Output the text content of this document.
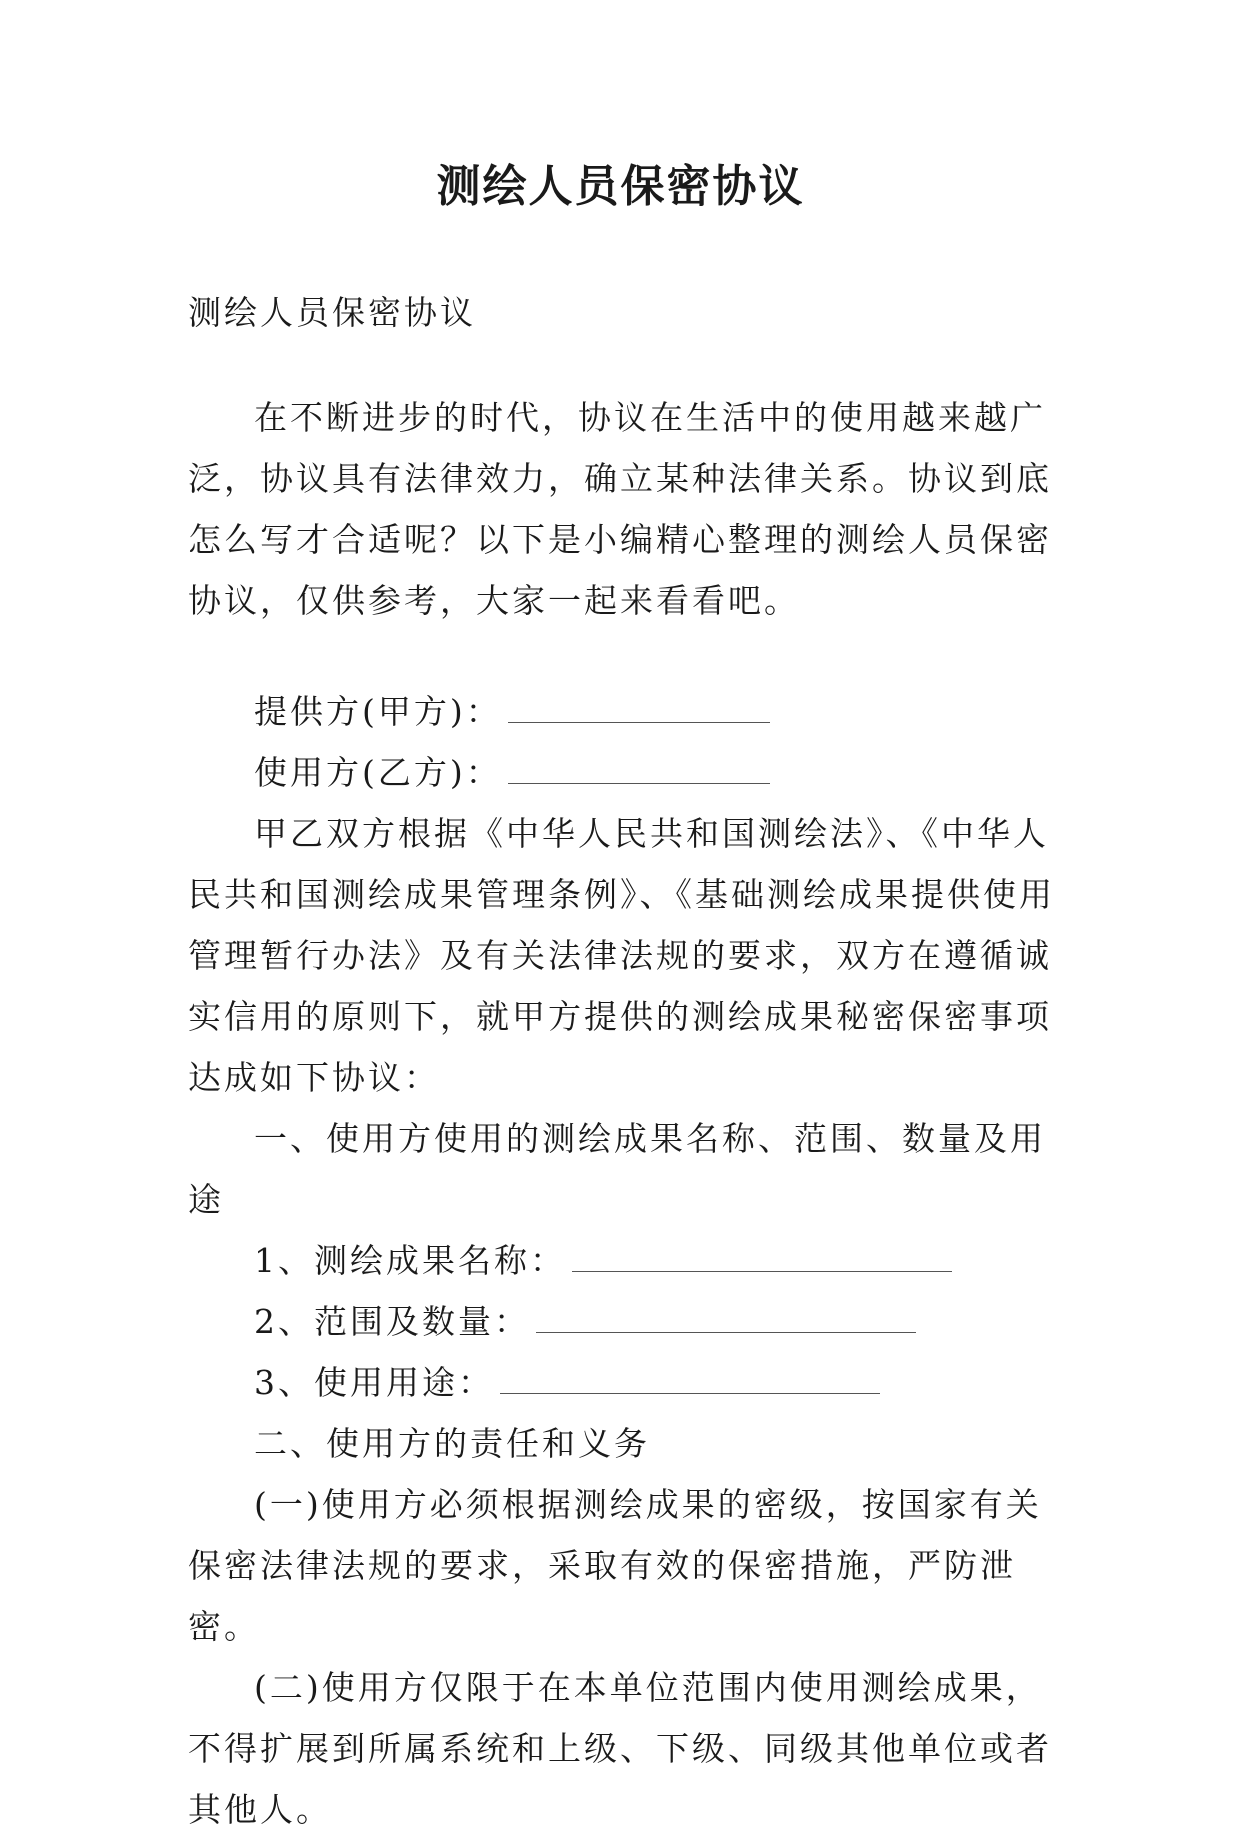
测绘人员保密协议

测绘人员保密协议

在不断进步的时代，协议在生活中的使用越来越广泛，协议具有法律效力，确立某种法律关系。协议到底怎么写才合适呢？以下是小编精心整理的测绘人员保密协议，仅供参考，大家一起来看看吧。

提供方(甲方)：

使用方(乙方)：

甲乙双方根据《中华人民共和国测绘法》、《中华人民共和国测绘成果管理条例》、《基础测绘成果提供使用管理暂行办法》及有关法律法规的要求，双方在遵循诚实信用的原则下，就甲方提供的测绘成果秘密保密事项达成如下协议：

一、使用方使用的测绘成果名称、范围、数量及用途

1、测绘成果名称：

2、范围及数量：

3、使用用途：

二、使用方的责任和义务

(一)使用方必须根据测绘成果的密级，按国家有关保密法律法规的要求，采取有效的保密措施，严防泄密。

(二)使用方仅限于在本单位范围内使用测绘成果，不得扩展到所属系统和上级、下级、同级其他单位或者其他人。
